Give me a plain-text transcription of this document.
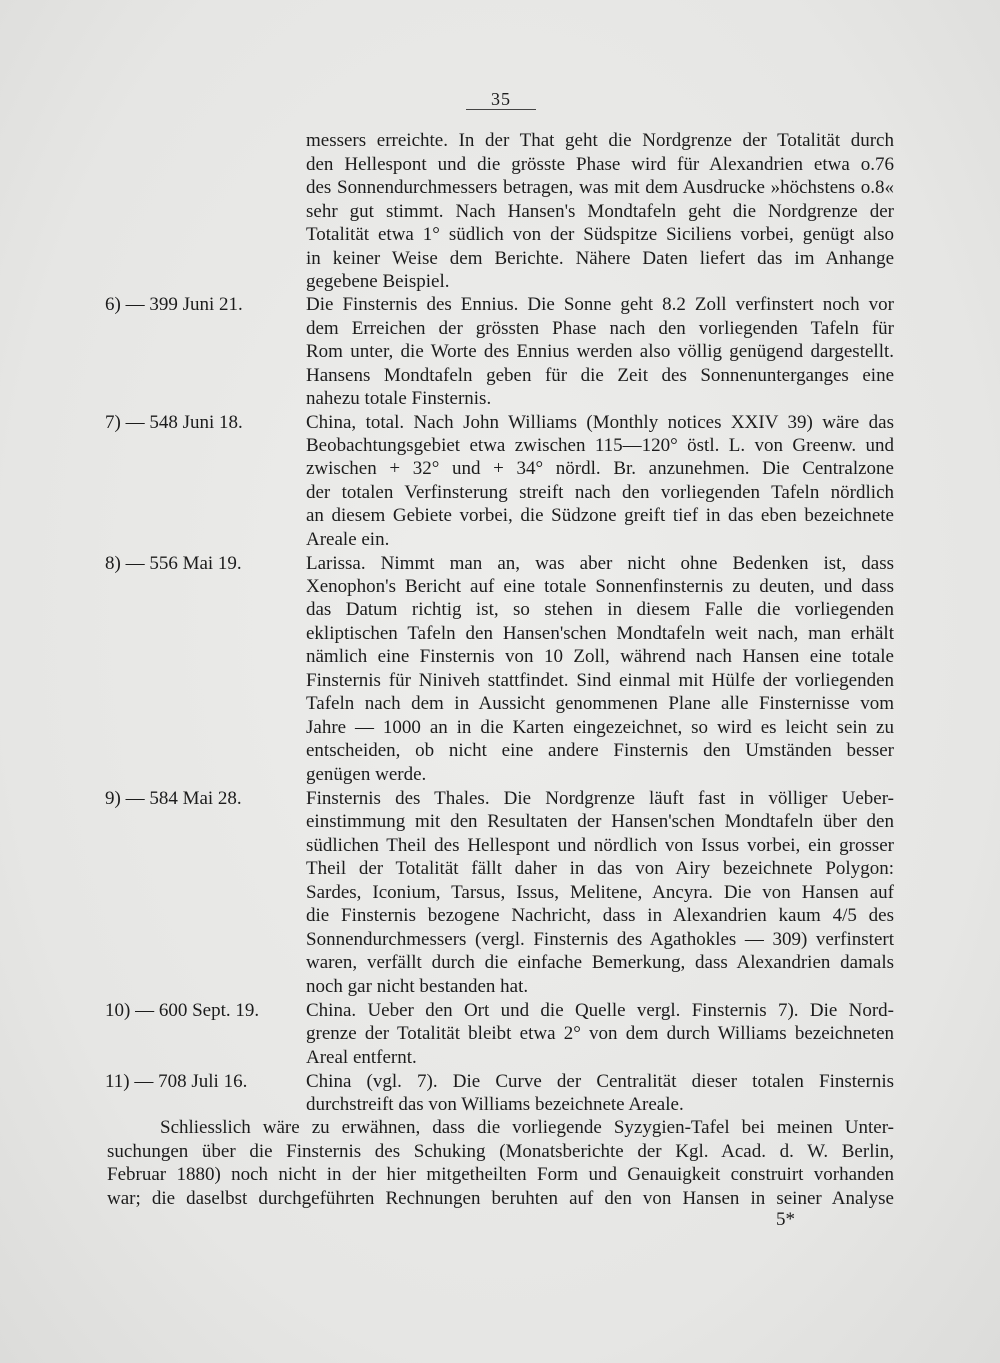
35
messers erreichte. In der That geht die Nordgrenze der Totalität durch
den Hellespont und die grösste Phase wird für Alexandrien etwa o.76
des Sonnendurchmessers betragen, was mit dem Ausdrucke »höchstens o.8«
sehr gut stimmt. Nach Hansen's Mondtafeln geht die Nordgrenze der
Totalität etwa 1° südlich von der Südspitze Siciliens vorbei, genügt also
in keiner Weise dem Berichte. Nähere Daten liefert das im Anhange
gegebene Beispiel.
6) — 399 Juni 21.	Die Finsternis des Ennius. Die Sonne geht 8.2 Zoll verfinstert noch vor
dem Erreichen der grössten Phase nach den vorliegenden Tafeln für
Rom unter, die Worte des Ennius werden also völlig genügend dargestellt.
Hansens Mondtafeln geben für die Zeit des Sonnenunterganges eine
nahezu totale Finsternis.
7) — 548 Juni 18.	China, total. Nach John Williams (Monthly notices XXIV 39) wäre das
Beobachtungsgebiet etwa zwischen 115—120° östl. L. von Greenw. und
zwischen + 32° und + 34° nördl. Br. anzunehmen. Die Centralzone
der totalen Verfinsterung streift nach den vorliegenden Tafeln nördlich
an diesem Gebiete vorbei, die Südzone greift tief in das eben bezeichnete
Areale ein.
8) — 556 Mai 19.	Larissa. Nimmt man an, was aber nicht ohne Bedenken ist, dass
Xenophon's Bericht auf eine totale Sonnenfinsternis zu deuten, und dass
das Datum richtig ist, so stehen in diesem Falle die vorliegenden
ekliptischen Tafeln den Hansen'schen Mondtafeln weit nach, man erhält
nämlich eine Finsternis von 10 Zoll, während nach Hansen eine totale
Finsternis für Niniveh stattfindet. Sind einmal mit Hülfe der vorliegenden
Tafeln nach dem in Aussicht genommenen Plane alle Finsternisse vom
Jahre — 1000 an in die Karten eingezeichnet, so wird es leicht sein zu
entscheiden, ob nicht eine andere Finsternis den Umständen besser
genügen werde.
9) — 584 Mai 28.	Finsternis des Thales. Die Nordgrenze läuft fast in völliger Ueber-
einstimmung mit den Resultaten der Hansen'schen Mondtafeln über den
südlichen Theil des Hellespont und nördlich von Issus vorbei, ein grosser
Theil der Totalität fällt daher in das von Airy bezeichnete Polygon:
Sardes, Iconium, Tarsus, Issus, Melitene, Ancyra. Die von Hansen auf
die Finsternis bezogene Nachricht, dass in Alexandrien kaum 4/5 des
Sonnendurchmessers (vergl. Finsternis des Agathokles — 309) verfinstert
waren, verfällt durch die einfache Bemerkung, dass Alexandrien damals
noch gar nicht bestanden hat.
10) — 600 Sept. 19. China. Ueber den Ort und die Quelle vergl. Finsternis 7). Die Nord-
grenze der Totalität bleibt etwa 2° von dem durch Williams bezeichneten
Areal entfernt.
11) — 708 Juli 16.	China (vgl. 7). Die Curve der Centralität dieser totalen Finsternis
durchstreift das von Williams bezeichnete Areale.
Schliesslich wäre zu erwähnen, dass die vorliegende Syzygien-Tafel bei meinen Unter-
suchungen über die Finsternis des Schuking (Monatsberichte der Kgl. Acad. d. W. Berlin,
Februar 1880) noch nicht in der hier mitgetheilten Form und Genauigkeit construirt vorhanden
war; die daselbst durchgeführten Rechnungen beruhten auf den von Hansen in seiner Analyse
5*
